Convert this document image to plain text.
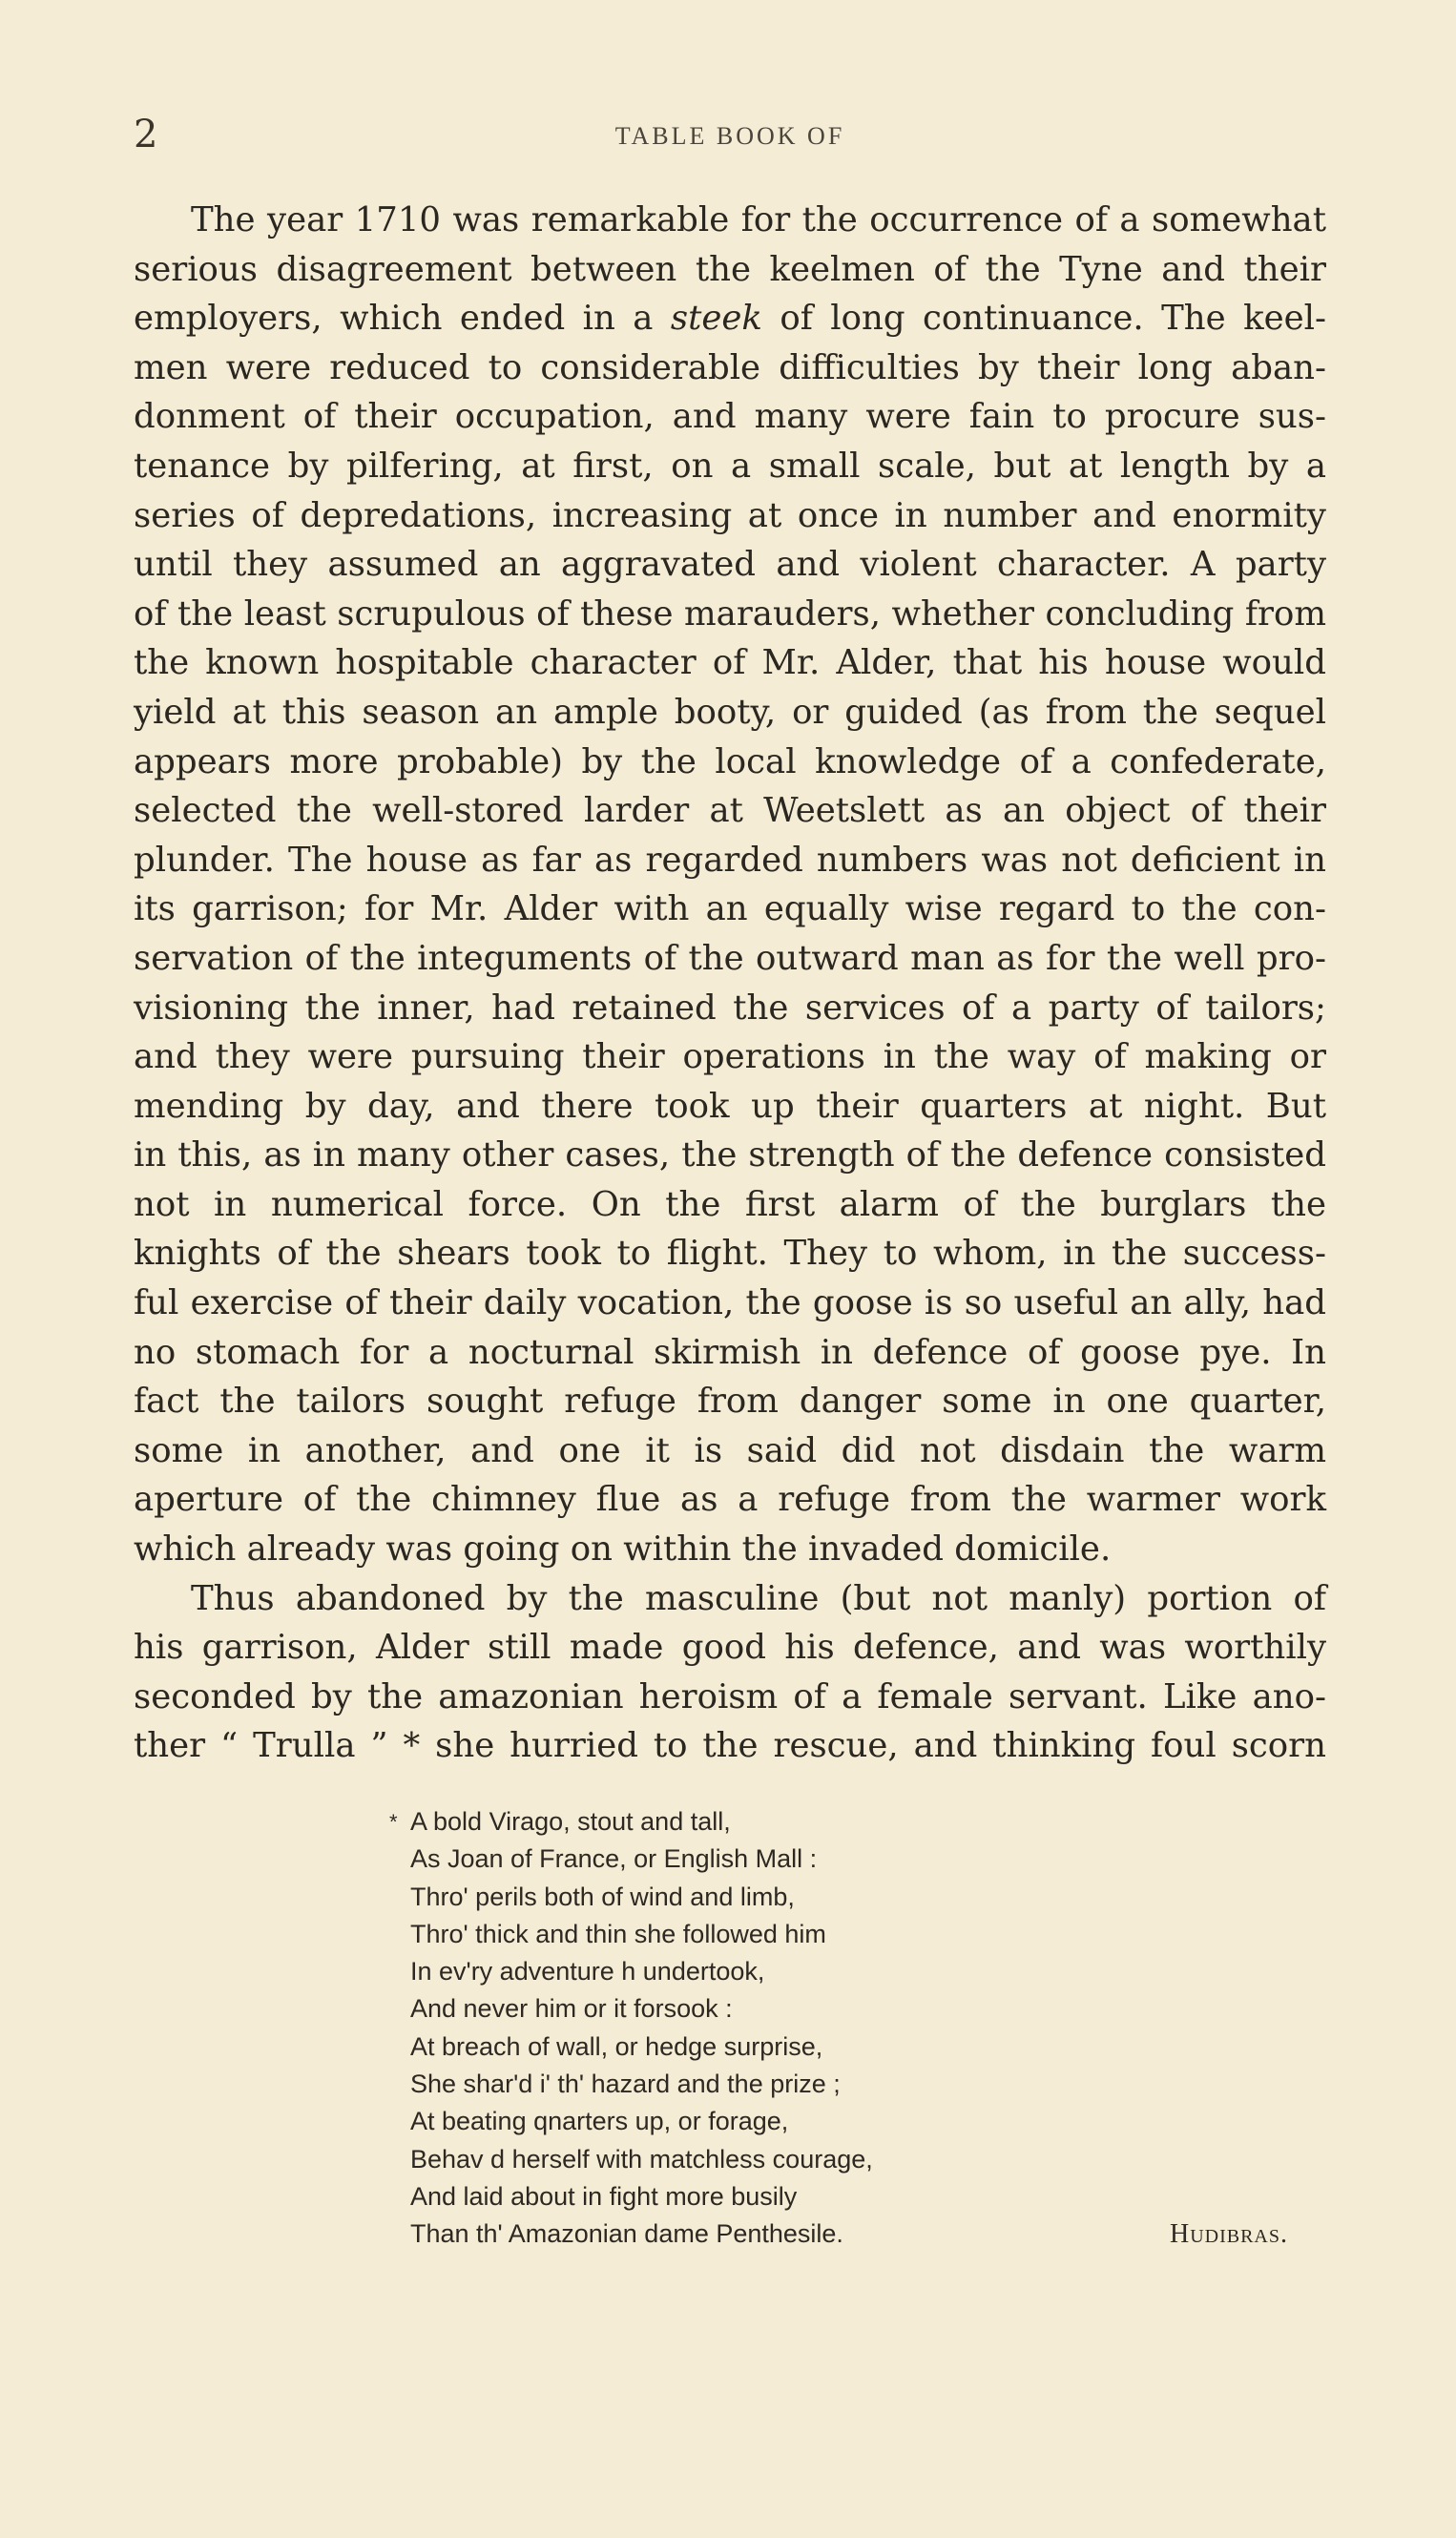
2	TABLE BOOK OF
The year 1710 was remarkable for the occurrence of a somewhat
serious disagreement between the keelmen of the Tyne and their
employers, which ended in a steek of long continuance. The keel-
men were reduced to considerable difficulties by their long aban-
donment of their occupation, and many were fain to procure sus-
tenance by pilfering, at first, on a small scale, but at length by a
series of depredations, increasing at once in number and enormity
until they assumed an aggravated and violent character. A party
of the least scrupulous of these marauders, whether concluding from
the known hospitable character of Mr. Alder, that his house would
yield at this season an ample booty, or guided (as from the sequel
appears more probable) by the local knowledge of a confederate,
selected the well-stored larder at Weetslett as an object of their
plunder. The house as far as regarded numbers was not deficient in
its garrison; for Mr. Alder with an equally wise regard to the con-
servation of the integuments of the outward man as for the well pro-
visioning the inner, had retained the services of a party of tailors;
and they were pursuing their operations in the way of making or
mending by day, and there took up their quarters at night. But
in this, as in many other cases, the strength of the defence consisted
not in numerical force. On the first alarm of the burglars the
knights of the shears took to flight. They to whom, in the success-
ful exercise of their daily vocation, the goose is so useful an ally, had
no stomach for a nocturnal skirmish in defence of goose pye. In
fact the tailors sought refuge from danger some in one quarter,
some in another, and one it is said did not disdain the warm
aperture of the chimney flue as a refuge from the warmer work
which already was going on within the invaded domicile.
Thus abandoned by the masculine (but not manly) portion of
his garrison, Alder still made good his defence, and was worthily
seconded by the amazonian heroism of a female servant. Like ano-
ther “ Trulla ” * she hurried to the rescue, and thinking foul scorn
* A bold Virago, stout and tall,
As Joan of France, or English Mall :
Thro' perils both of wind and limb,
Thro' thick and thin she followed him
In ev'ry adventure h undertook,
And never him or it forsook :
At breach of wall, or hedge surprise,
She shar'd i' th' hazard and the prize ;
At beating qnarters up, or forage,
Behav d herself with matchless courage,
And laid about in fight more busily
Than th' Amazonian dame Penthesile.	Hudibras.
